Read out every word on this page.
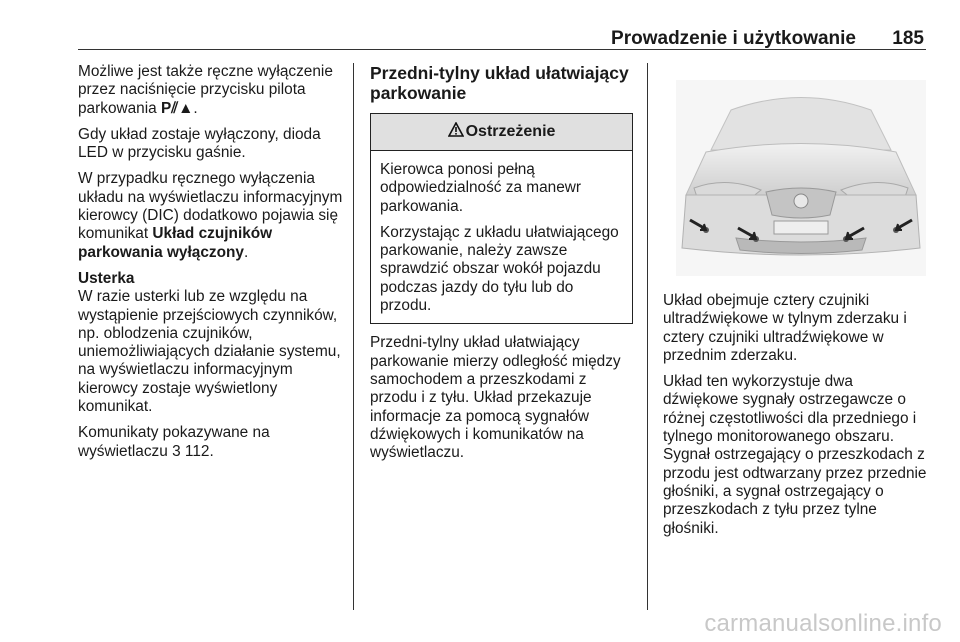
Prowadzenie i użytkowanie 185

Możliwe jest także ręczne wyłączenie przez naciśnięcie przycisku pilota parkowania P⫽▲.

Gdy układ zostaje wyłączony, dioda LED w przycisku gaśnie.

W przypadku ręcznego wyłączenia układu na wyświetlaczu informacyjnym kierowcy (DIC) dodatkowo pojawia się komunikat Układ czujników parkowania wyłączony.

Usterka

W razie usterki lub ze względu na wystąpienie przejściowych czynników, np. oblodzenia czujników, uniemożliwiających działanie systemu, na wyświetlaczu informacyjnym kierowcy zostaje wyświetlony komunikat.

Komunikaty pokazywane na wyświetlaczu 3 112.

Przedni-tylny układ ułatwiający parkowanie
Ostrzeżenie

Kierowca ponosi pełną odpowiedzialność za manewr parkowania.

Korzystając z układu ułatwiającego parkowanie, należy zawsze sprawdzić obszar wokół pojazdu podczas jazdy do tyłu lub do przodu.

Przedni-tylny układ ułatwiający parkowanie mierzy odległość między samochodem a przeszkodami z przodu i z tyłu. Układ przekazuje informacje za pomocą sygnałów dźwiękowych i komunikatów na wyświetlaczu.

Układ obejmuje cztery czujniki ultradźwiękowe w tylnym zderzaku i cztery czujniki ultradźwiękowe w przednim zderzaku.

Układ ten wykorzystuje dwa dźwiękowe sygnały ostrzegawcze o różnej częstotliwości dla przedniego i tylnego monitorowanego obszaru. Sygnał ostrzegający o przeszkodach z przodu jest odtwarzany przez przednie głośniki, a sygnał ostrzegający o przeszkodach z tyłu przez tylne głośniki.

carmanualsonline.info
